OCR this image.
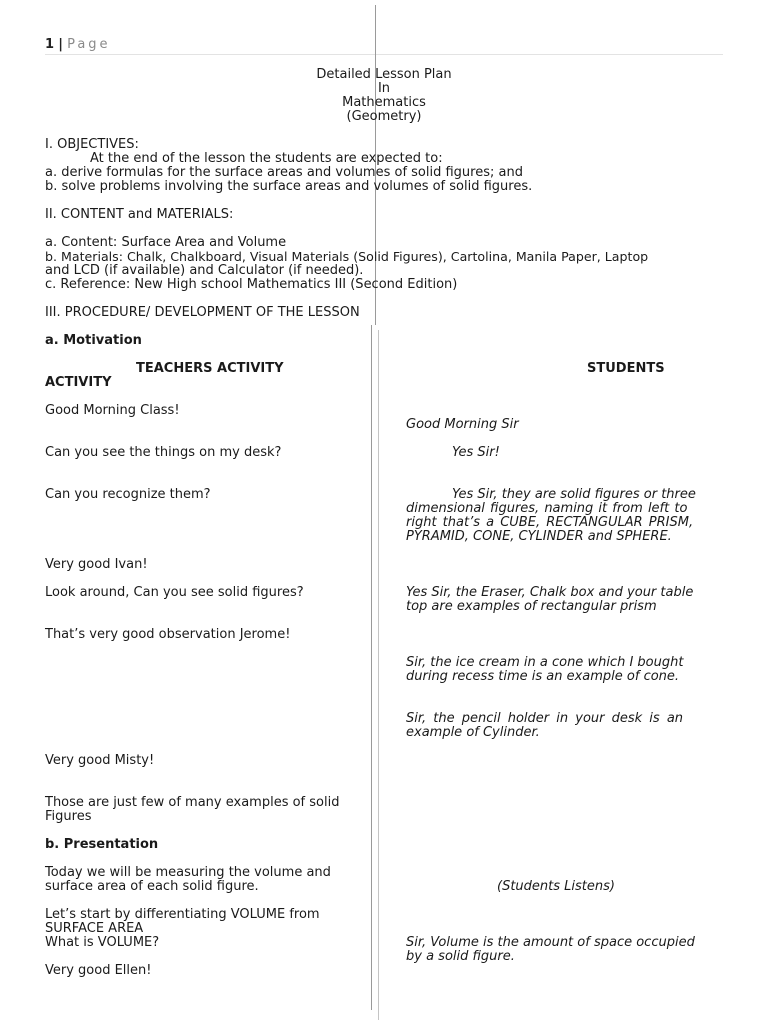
1 | Page
Detailed Lesson Plan
In
Mathematics
(Geometry)
I. OBJECTIVES:
At the end of the lesson the students are expected to:
a. derive formulas for the surface areas and volumes of solid figures; and
b. solve problems involving the surface areas and volumes of solid figures.
II. CONTENT and MATERIALS:
a. Content: Surface Area and Volume
b. Materials: Chalk, Chalkboard, Visual Materials (Solid Figures), Cartolina, Manila Paper, Laptop
and LCD (if available) and Calculator (if needed).
c. Reference: New High school Mathematics III (Second Edition)
III. PROCEDURE/ DEVELOPMENT OF THE LESSON
a. Motivation
TEACHERS ACTIVITY	STUDENTS
ACTIVITY
Good Morning Class!
Can you see the things on my desk?
Can you recognize them?
Very good Ivan!
Look around, Can you see solid figures?
That’s very good observation Jerome!
Very good Misty!
Those are just few of many examples of solid
Figures
b. Presentation
Today we will be measuring the volume and
surface area of each solid figure.
Let’s start by differentiating VOLUME from
SURFACE AREA
What is VOLUME?
Very good Ellen!
Good Morning Sir
Yes Sir!
Yes Sir, they are solid figures or three
dimensional figures, naming it from left to
right that’s a CUBE, RECTANGULAR PRISM,
PYRAMID, CONE, CYLINDER and SPHERE.
Yes Sir, the Eraser, Chalk box and your table
top are examples of rectangular prism
Sir, the ice cream in a cone which I bought
during recess time is an example of cone.
Sir, the pencil holder in your desk is an
example of Cylinder.
(Students Listens)
Sir, Volume is the amount of space occupied
by a solid figure.
